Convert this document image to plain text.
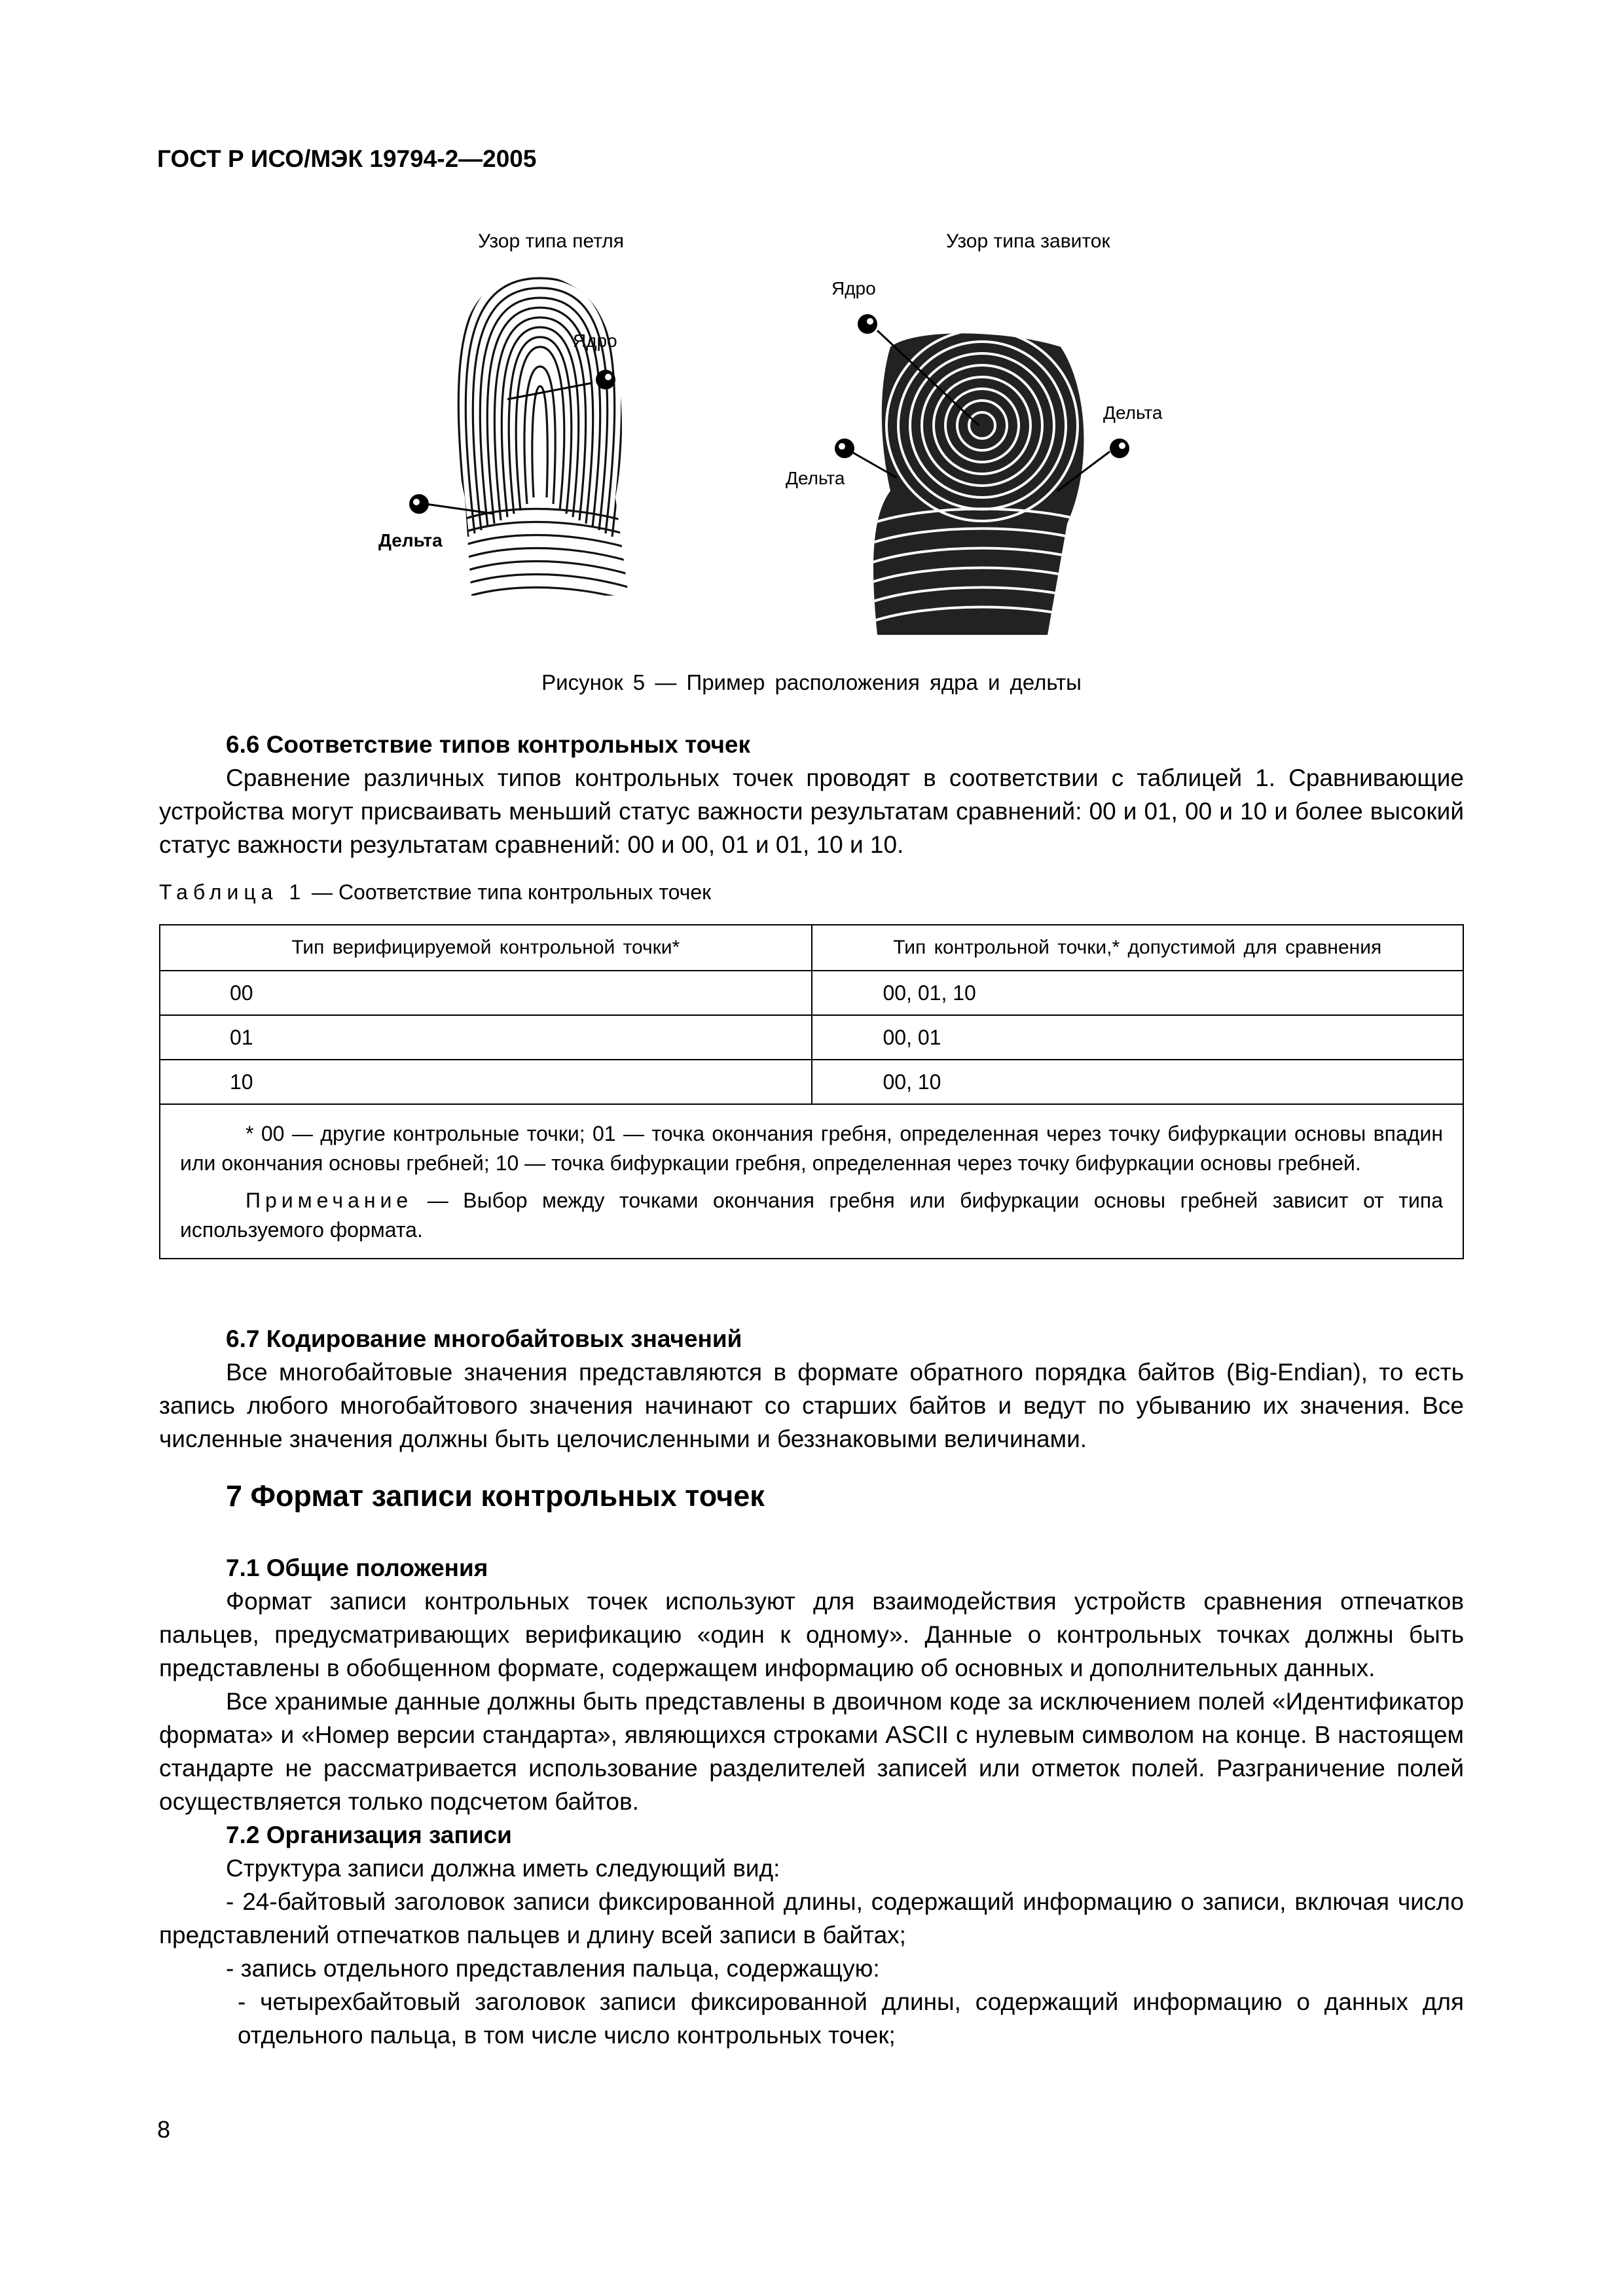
ГОСТ Р ИСО/МЭК 19794-2—2005
Узор типа петля	Узор типа завиток
Ядро
Дельта
Ядро
Дельта
Дельта
Рисунок 5 — Пример расположения ядра и дельты

6.6 Соответствие типов контрольных точек

Сравнение различных типов контрольных точек проводят в соответствии с таблицей 1. Сравнивающие устройства могут присваивать меньший статус важности результатам сравнений: 00 и 01, 00 и 10 и более высокий статус важности результатам сравнений: 00 и 00, 01 и 01, 10 и 10.

Таблица 1 — Соответствие типа контрольных точек
Тип верифицируемой контрольной точки*	Тип контрольной точки,* допустимой для сравнения
00	00, 01, 10
01	00, 01
10	00, 10

* 00 — другие контрольные точки; 01 — точка окончания гребня, определенная через точку бифуркации основы впадин или окончания основы гребней; 10 — точка бифуркации гребня, определенная через точку бифуркации основы гребней.

Примечание — Выбор между точками окончания гребня или бифуркации основы гребней зависит от типа используемого формата.	

6.7 Кодирование многобайтовых значений

Все многобайтовые значения представляются в формате обратного порядка байтов (Big-Endian), то есть запись любого многобайтового значения начинают со старших байтов и ведут по убыванию их значения. Все численные значения должны быть целочисленными и беззнаковыми величинами.

7 Формат записи контрольных точек

7.1 Общие положения

Формат записи контрольных точек используют для взаимодействия устройств сравнения отпечатков пальцев, предусматривающих верификацию «один к одному». Данные о контрольных точках должны быть представлены в обобщенном формате, содержащем информацию об основных и дополнительных данных.

Все хранимые данные должны быть представлены в двоичном коде за исключением полей «Идентификатор формата» и «Номер версии стандарта», являющихся строками ASCII с нулевым символом на конце. В настоящем стандарте не рассматривается использование разделителей записей или отметок полей. Разграничение полей осуществляется только подсчетом байтов.

7.2 Организация записи

Структура записи должна иметь следующий вид:

- 24-байтовый заголовок записи фиксированной длины, содержащий информацию о записи, включая число представлений отпечатков пальцев и длину всей записи в байтах;

- запись отдельного представления пальца, содержащую:

- четырехбайтовый заголовок записи фиксированной длины, содержащий информацию о данных для отдельного пальца, в том числе число контрольных точек;

8
